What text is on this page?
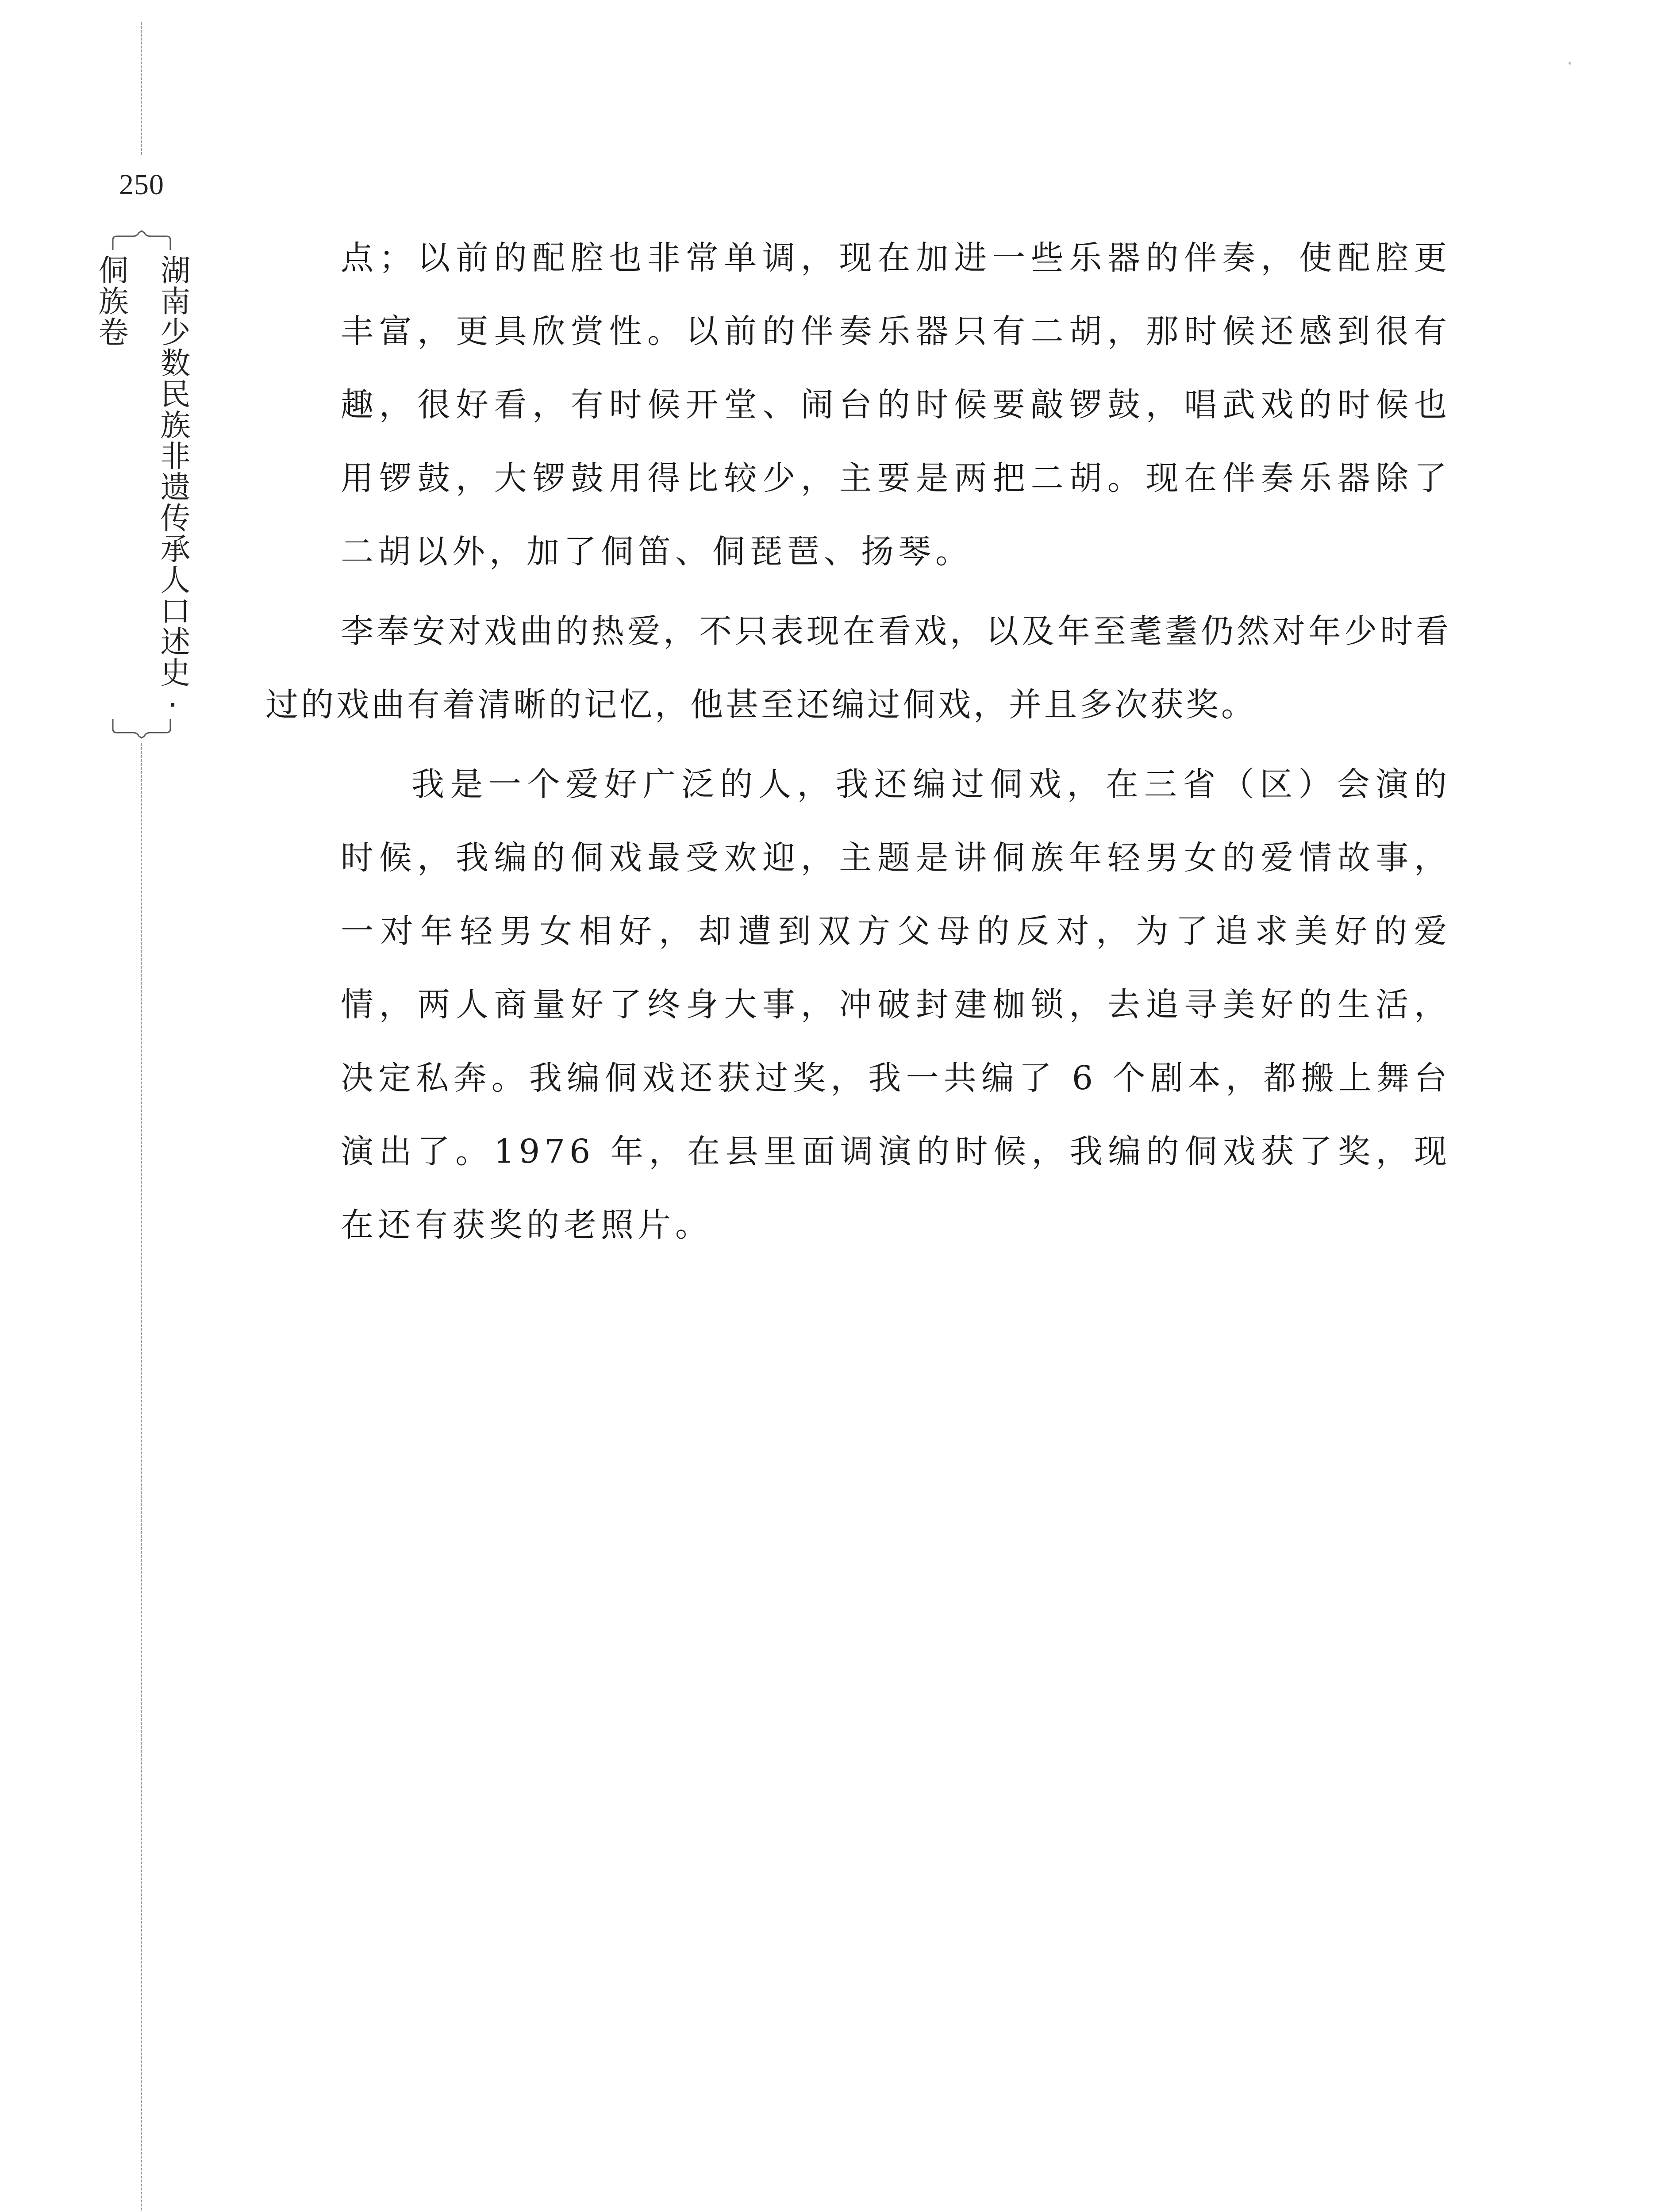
250
湖南少数民族非遗传承人口述史·侗族卷	点；以前的配腔也非常单调，现在加进一些乐器的伴奏，使配腔更丰富，更具欣赏性。以前的伴奏乐器只有二胡，那时候还感到很有趣，很好看，有时候开堂、闹台的时候要敲锣鼓，唱武戏的时候也用锣鼓，大锣鼓用得比较少，主要是两把二胡。现在伴奏乐器除了二胡以外，加了侗笛、侗琵琶、扬琴。

李奉安对戏曲的热爱，不只表现在看戏，以及年至耄耋仍然对年少时看过的戏曲有着清晰的记忆，他甚至还编过侗戏，并且多次获奖。

我是一个爱好广泛的人，我还编过侗戏，在三省（区）会演的时候，我编的侗戏最受欢迎，主题是讲侗族年轻男女的爱情故事，一对年轻男女相好，却遭到双方父母的反对，为了追求美好的爱情，两人商量好了终身大事，冲破封建枷锁，去追寻美好的生活，决定私奔。我编侗戏还获过奖，我一共编了 6 个剧本，都搬上舞台演出了。1976 年，在县里面调演的时候，我编的侗戏获了奖，现在还有获奖的老照片。
